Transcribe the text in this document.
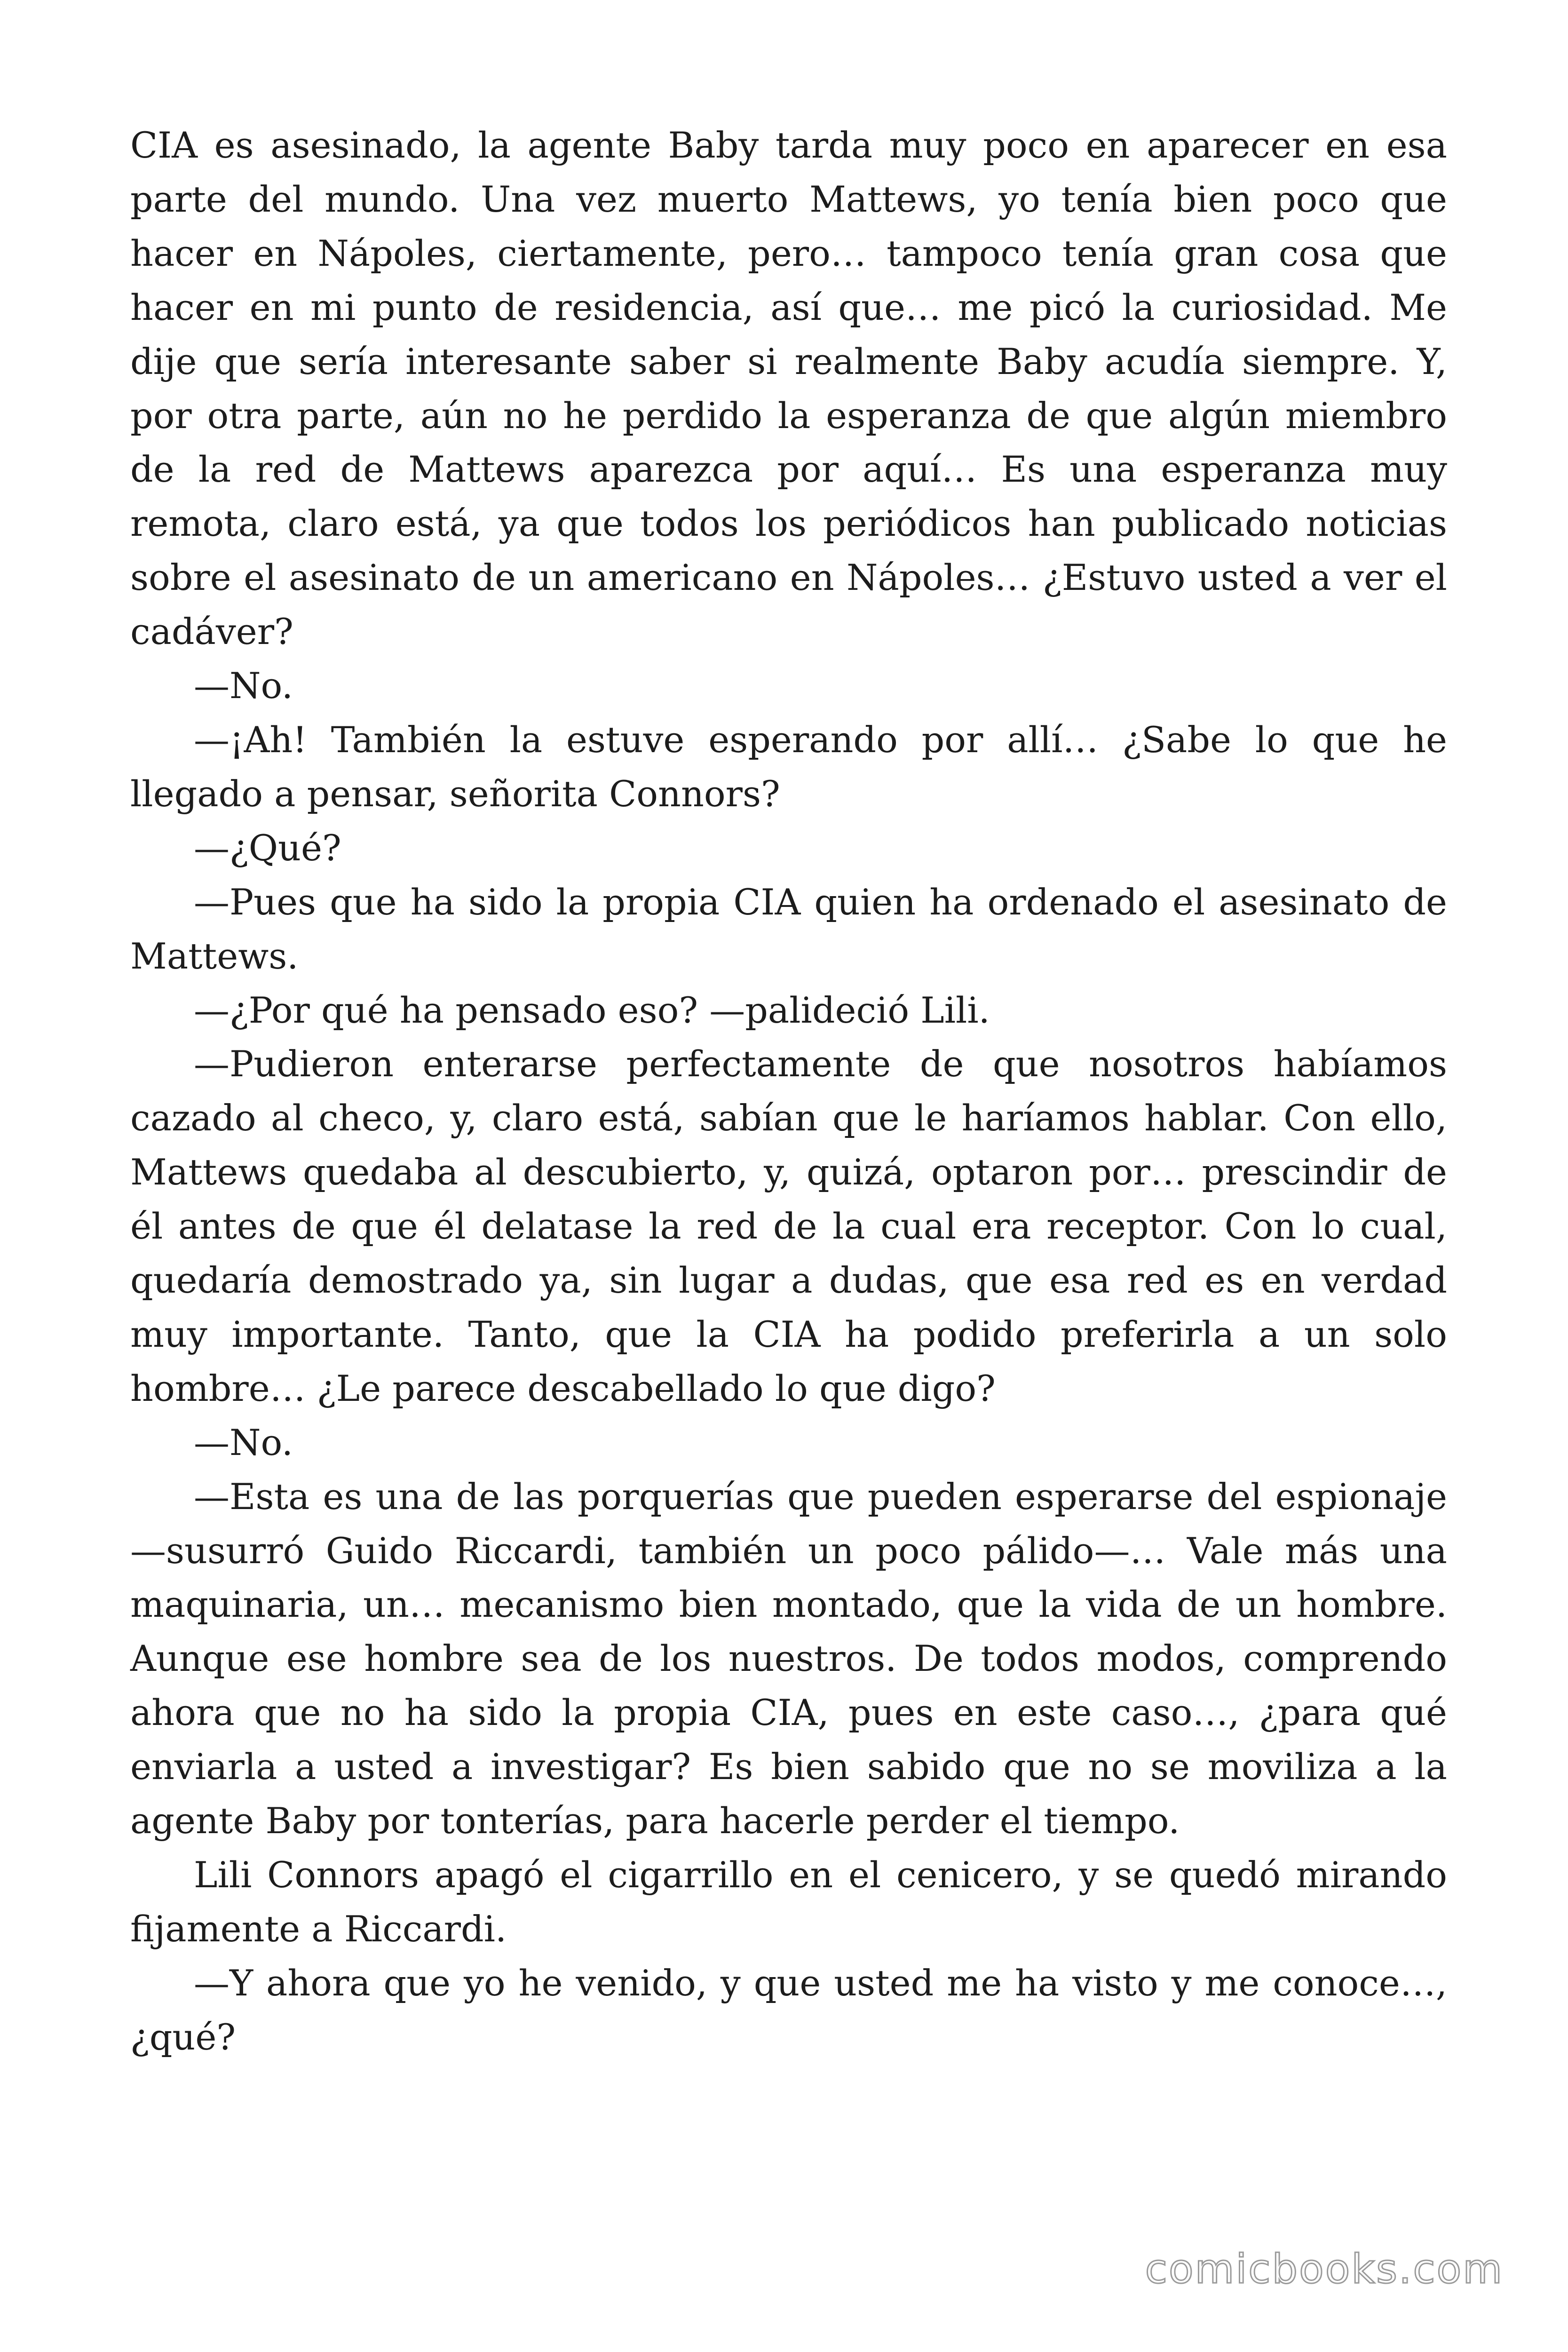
CIA es asesinado, la agente Baby tarda muy poco en aparecer en esa parte del mundo. Una vez muerto Mattews, yo tenía bien poco que hacer en Nápoles, ciertamente, pero… tampoco tenía gran cosa que hacer en mi punto de residencia, así que… me picó la curiosidad. Me dije que sería interesante saber si realmente Baby acudía siempre. Y, por otra parte, aún no he perdido la esperanza de que algún miembro de la red de Mattews aparezca por aquí… Es una esperanza muy remota, claro está, ya que todos los periódicos han publicado noticias sobre el asesinato de un americano en Nápoles… ¿Estuvo usted a ver el cadáver?

—No.

—¡Ah! También la estuve esperando por allí… ¿Sabe lo que he llegado a pensar, señorita Connors?

—¿Qué?

—Pues que ha sido la propia CIA quien ha ordenado el asesinato de Mattews.

—¿Por qué ha pensado eso? —palideció Lili.

—Pudieron enterarse perfectamente de que nosotros habíamos cazado al checo, y, claro está, sabían que le haríamos hablar. Con ello, Mattews quedaba al descubierto, y, quizá, optaron por… prescindir de él antes de que él delatase la red de la cual era receptor. Con lo cual, quedaría demostrado ya, sin lugar a dudas, que esa red es en verdad muy importante. Tanto, que la CIA ha podido preferirla a un solo hombre… ¿Le parece descabellado lo que digo?

—No.

—Esta es una de las porquerías que pueden esperarse del espionaje —susurró Guido Riccardi, también un poco pálido—… Vale más una maquinaria, un… mecanismo bien montado, que la vida de un hombre. Aunque ese hombre sea de los nuestros. De todos modos, comprendo ahora que no ha sido la propia CIA, pues en este caso…, ¿para qué enviarla a usted a investigar? Es bien sabido que no se moviliza a la agente Baby por tonterías, para hacerle perder el tiempo.

Lili Connors apagó el cigarrillo en el cenicero, y se quedó mirando fijamente a Riccardi.

—Y ahora que yo he venido, y que usted me ha visto y me conoce…, ¿qué?

comicbooks.com
